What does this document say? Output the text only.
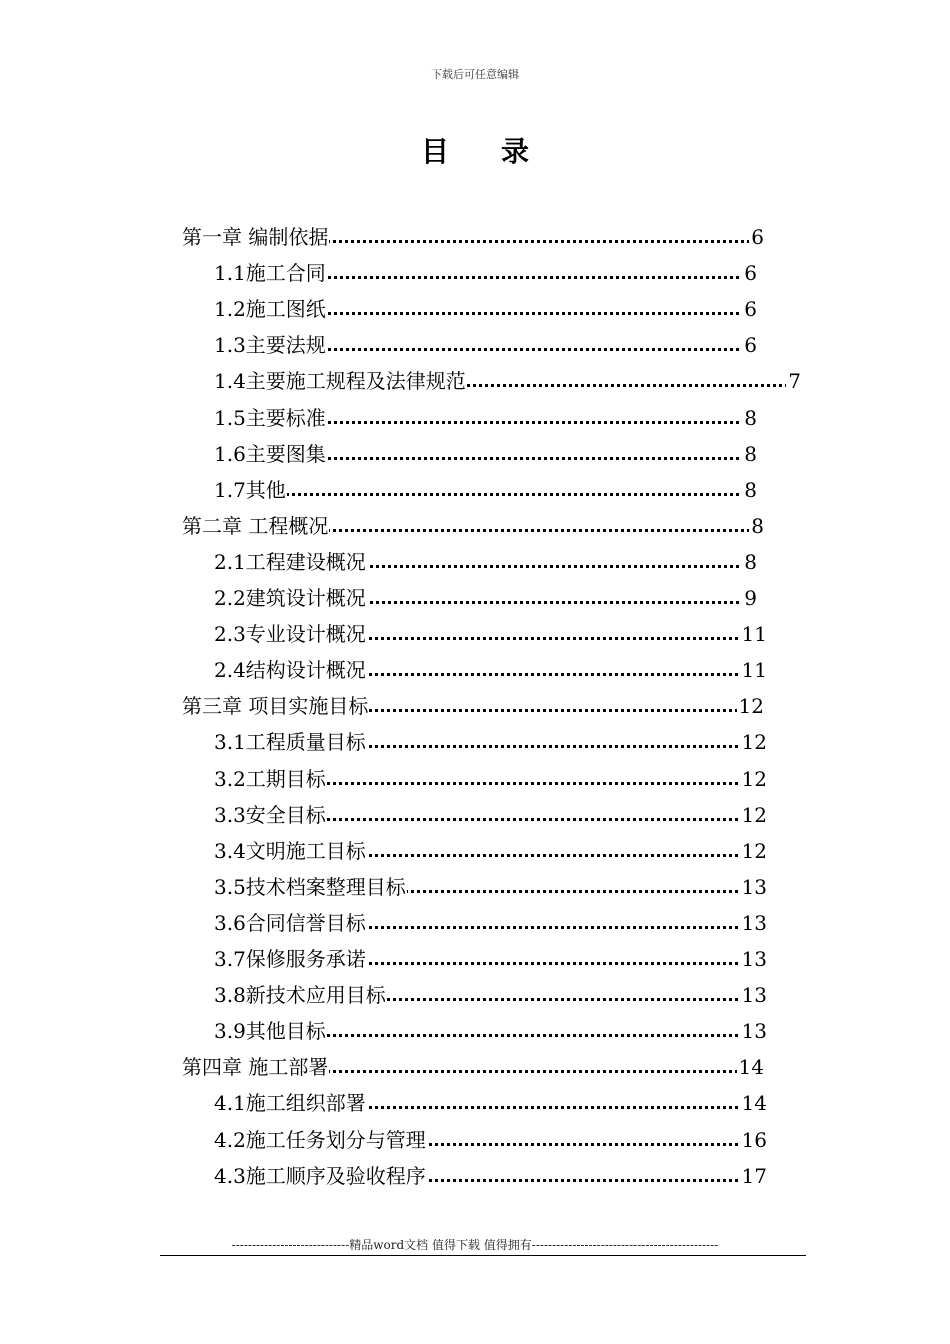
下载后可任意编辑
目 录
第一章 编制依据	6
1.1施工合同	6
1.2施工图纸	6
1.3主要法规	6
1.4主要施工规程及法律规范	7
1.5主要标准	8
1.6主要图集	8
1.7其他	8
第二章 工程概况	8
2.1工程建设概况	8
2.2建筑设计概况	9
2.3专业设计概况	11
2.4结构设计概况	11
第三章 项目实施目标	12
3.1工程质量目标	12
3.2工期目标	12
3.3安全目标	12
3.4文明施工目标	12
3.5技术档案整理目标	13
3.6合同信誉目标	13
3.7保修服务承诺	13
3.8新技术应用目标	13
3.9其他目标	13
第四章 施工部署	14
4.1施工组织部署	14
4.2施工任务划分与管理	16
4.3施工顺序及验收程序	17
-----------------------------精品word文档 值得下载 值得拥有----------------------------------------------
